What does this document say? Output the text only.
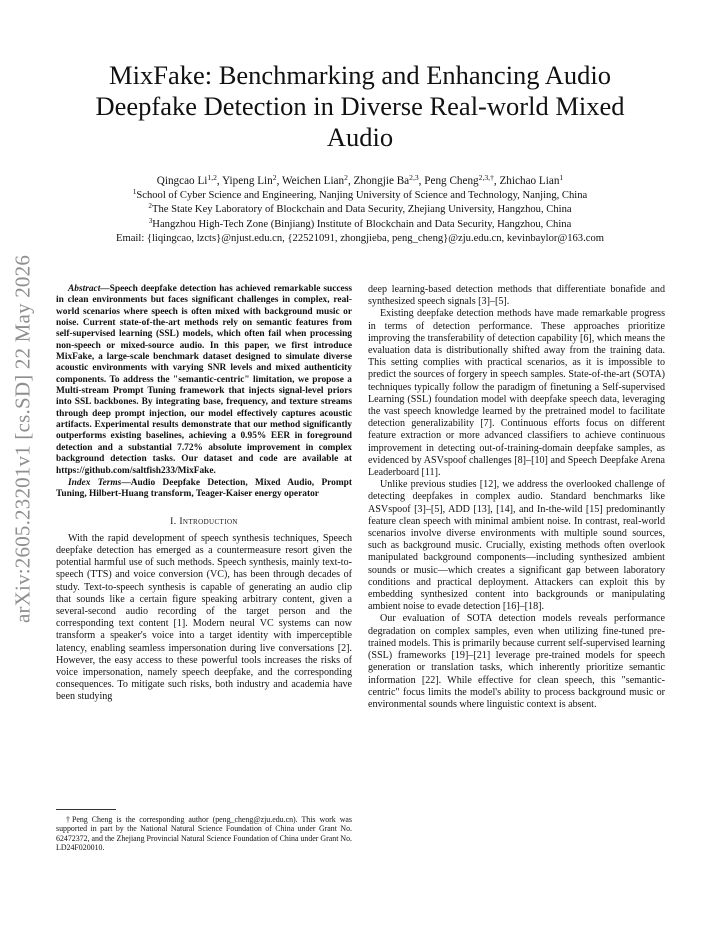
arXiv:2605.23201v1 [cs.SD] 22 May 2026
MixFake: Benchmarking and Enhancing Audio Deepfake Detection in Diverse Real-world Mixed Audio
Qingcao Li$^{1,2}$, Yipeng Lin$^2$, Weichen Lian$^2$, Zhongjie Ba$^{2,3}$, Peng Cheng$^{2,3,\dagger}$, Zhichao Lian$^1$
$^1$School of Cyber Science and Engineering, Nanjing University of Science and Technology, Nanjing, China
$^2$The State Key Laboratory of Blockchain and Data Security, Zhejiang University, Hangzhou, China
$^3$Hangzhou High-Tech Zone (Binjiang) Institute of Blockchain and Data Security, Hangzhou, China
Email: {liqingcao, lzcts}@njust.edu.cn, {22521091, zhongjieba, peng_cheng}@zju.edu.cn, kevinbaylor@163.com

Abstract—Speech deepfake detection has achieved remarkable success in clean environments but faces significant challenges in complex, real-world scenarios where speech is often mixed with background music or noise. Current state-of-the-art methods rely on semantic features from self-supervised learning (SSL) models, which often fail when processing non-speech or mixed-source audio. In this paper, we first introduce MixFake, a large-scale benchmark dataset designed to simulate diverse acoustic environments with varying SNR levels and mixed authenticity components. To address the "semantic-centric" limitation, we propose a Multi-stream Prompt Tuning framework that injects signal-level priors into SSL backbones. By integrating base, frequency, and texture streams through deep prompt injection, our model effectively captures acoustic artifacts. Experimental results demonstrate that our method significantly outperforms existing baselines, achieving a 0.95% EER in foreground detection and a substantial 7.72% absolute improvement in complex background detection tasks. Our dataset and code are available at https://github.com/saltfish233/MixFake.

Index Terms—Audio Deepfake Detection, Mixed Audio, Prompt Tuning, Hilbert-Huang transform, Teager-Kaiser energy operator

I. Introduction

With the rapid development of speech synthesis techniques, Speech deepfake detection has emerged as a countermeasure resort given the potential harmful use of such methods. Speech synthesis, mainly text-to-speech (TTS) and voice conversion (VC), has been through decades of study. Text-to-speech synthesis is capable of generating an audio clip that sounds like a certain figure speaking arbitrary content, given a several-second audio recording of the target person and the corresponding text content [1]. Modern neural VC systems can now transform a speaker's voice into a target identity with imperceptible latency, enabling seamless impersonation during live conversations [2]. However, the easy access to these powerful tools increases the risks of voice impersonation, namely speech deepfake, and the corresponding consequences. To mitigate such risks, both industry and academia have been studying

deep learning-based detection methods that differentiate bonafide and synthesized speech signals [3]–[5].

Existing deepfake detection methods have made remarkable progress in terms of detection performance. These approaches prioritize improving the transferability of detection capability [6], which means the evaluation data is distributionally shifted away from the training data. This setting complies with practical scenarios, as it is impossible to predict the sources of forgery in speech samples. State-of-the-art (SOTA) techniques typically follow the paradigm of finetuning a Self-supervised Learning (SSL) foundation model with deepfake speech data, leveraging the vast speech knowledge learned by the pretrained model to facilitate detection generalizability [7]. Continuous efforts focus on different feature extraction or more advanced classifiers to achieve continuous improvement in detecting out-of-training-domain deepfake samples, as evidenced by ASVspoof challenges [8]–[10] and Speech Deepfake Arena Leaderboard [11].

Unlike previous studies [12], we address the overlooked challenge of detecting deepfakes in complex audio. Standard benchmarks like ASVspoof [3]–[5], ADD [13], [14], and In-the-wild [15] predominantly feature clean speech with minimal ambient noise. In contrast, real-world scenarios involve diverse environments with multiple sound sources, such as background music. Crucially, existing methods often overlook manipulated background components—including synthesized ambient sounds or music—which creates a significant gap between laboratory conditions and practical deployment. Attackers can exploit this by embedding synthesized content into backgrounds or manipulating ambient noise to evade detection [16]–[18].

Our evaluation of SOTA detection models reveals performance degradation on complex samples, even when utilizing fine-tuned pre-trained models. This is primarily because current self-supervised learning (SSL) frameworks [19]–[21] leverage pre-trained models for speech generation or translation tasks, which inherently prioritize semantic information [22]. While effective for clean speech, this "semantic-centric" focus limits the model's ability to process background music or environmental sounds where linguistic context is absent.

†Peng Cheng is the corresponding author (peng_cheng@zju.edu.cn). This work was supported in part by the National Natural Science Foundation of China under Grant No. 62472372, and the Zhejiang Provincial Natural Science Foundation of China under Grant No. LD24F020010.
